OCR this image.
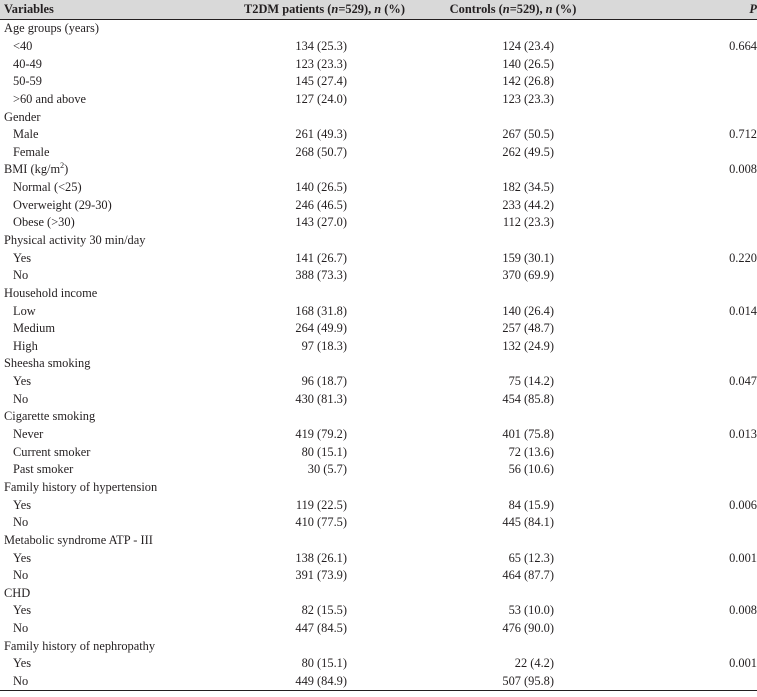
Variables	T2DM patients (n=529), n (%)	Controls (n=529), n (%)	P
Age groups (years)			
<40	134 (25.3)	124 (23.4)	0.664
40-49	123 (23.3)	140 (26.5)	
50-59	145 (27.4)	142 (26.8)	
>60 and above	127 (24.0)	123 (23.3)	
Gender			
Male	261 (49.3)	267 (50.5)	0.712
Female	268 (50.7)	262 (49.5)	
BMI $(kg/m^2)$			0.008
Normal (<25)	140 (26.5)	182 (34.5)	
Overweight (29-30)	246 (46.5)	233 (44.2)	
Obese (>30)	143 (27.0)	112 (23.3)	
Physical activity 30 min/day			
Yes	141 (26.7)	159 (30.1)	0.220
No	388 (73.3)	370 (69.9)	
Household income			
Low	168 (31.8)	140 (26.4)	0.014
Medium	264 (49.9)	257 (48.7)	
High	97 (18.3)	132 (24.9)	
Sheesha smoking			
Yes	96 (18.7)	75 (14.2)	0.047
No	430 (81.3)	454 (85.8)	
Cigarette smoking			
Never	419 (79.2)	401 (75.8)	0.013
Current smoker	80 (15.1)	72 (13.6)	
Past smoker	30 (5.7)	56 (10.6)	
Family history of hypertension			
Yes	119 (22.5)	84 (15.9)	0.006
No	410 (77.5)	445 (84.1)	
Metabolic syndrome ATP - III			
Yes	138 (26.1)	65 (12.3)	0.001
No	391 (73.9)	464 (87.7)	
CHD			
Yes	82 (15.5)	53 (10.0)	0.008
No	447 (84.5)	476 (90.0)	
Family history of nephropathy			
Yes	80 (15.1)	22 (4.2)	0.001
No	449 (84.9)	507 (95.8)	
